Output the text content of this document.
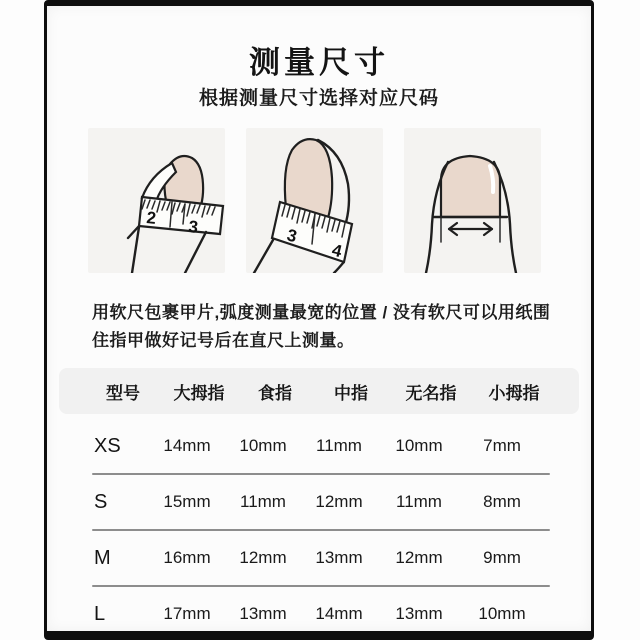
测量尺寸
根据测量尺寸选择对应尺码
2 3	3
4
用软尺包裹甲片,弧度测量最宽的位置 / 没有软尺可以用纸围
住指甲做好记号后在直尺上测量。
型号	大拇指	食指	中指	无名指	小拇指
XS	14mm	10mm	11mm	10mm	7mm
S	15mm	11mm	12mm	11mm	8mm
M	16mm	12mm	13mm	12mm	9mm
L	17mm	13mm	14mm	13mm	10mm
